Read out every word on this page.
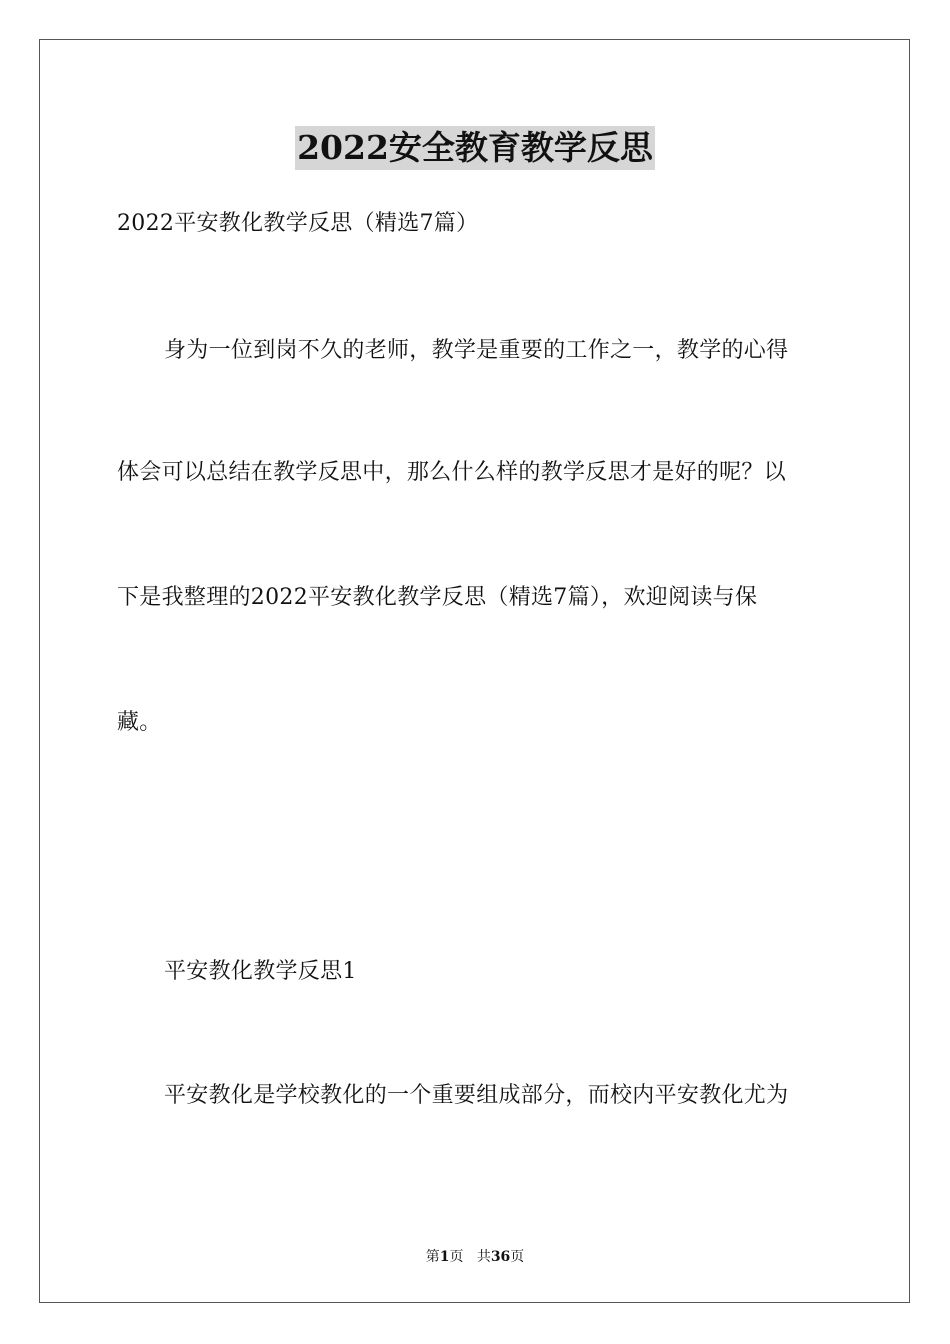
2022安全教育教学反思
2022平安教化教学反思（精选7篇）
身为一位到岗不久的老师，教学是重要的工作之一，教学的心得
体会可以总结在教学反思中，那么什么样的教学反思才是好的呢？以
下是我整理的2022平安教化教学反思（精选7篇），欢迎阅读与保
藏。
平安教化教学反思1
平安教化是学校教化的一个重要组成部分，而校内平安教化尤为
第1页 共36页
